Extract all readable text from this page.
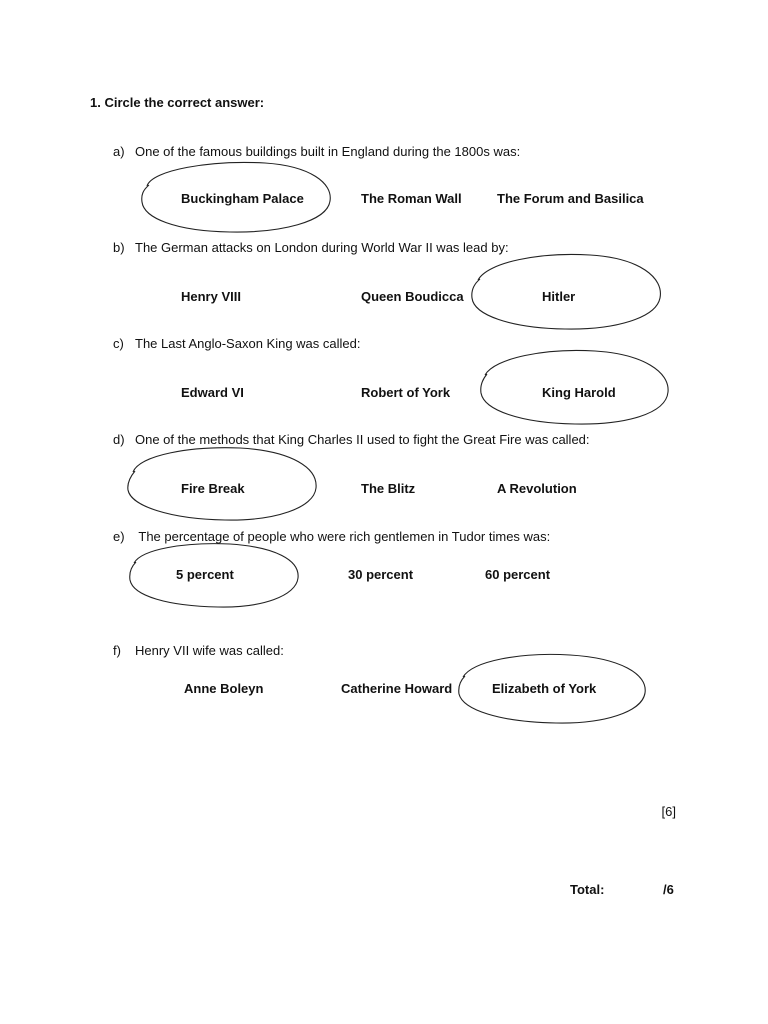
1. Circle the correct answer:
a) One of the famous buildings built in England during the 1800s was:
Buckingham Palace	The Roman Wall	The Forum and Basilica
b) The German attacks on London during World War II was lead by:
Henry VIII	Queen Boudicca	Hitler
c) The Last Anglo-Saxon King was called:
Edward VI	Robert of York	King Harold
d) One of the methods that King Charles II used to fight the Great Fire was called:
Fire Break	The Blitz	A Revolution
e) The percentage of people who were rich gentlemen in Tudor times was:
5 percent	30 percent	60 percent
f) Henry VII wife was called:
Anne Boleyn	Catherine Howard	Elizabeth of York
[6]
Total:	/6
